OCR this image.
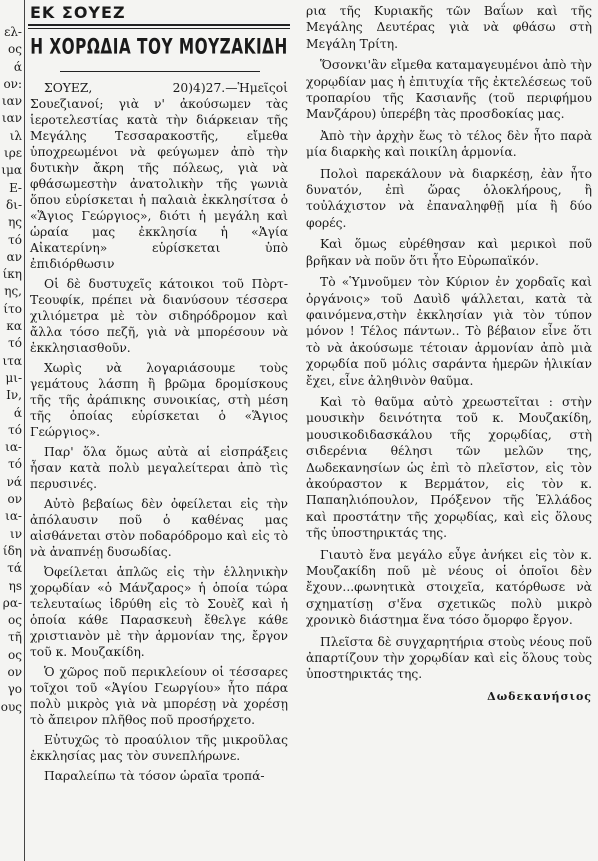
ελ-
ος
ά
ον:
ιαν
ιαν
ιλ
ιρε
ιμα
Ε-
δι-
ης
τό
αν
ίκη
ης,
ίτο
κα
τό
ιτα
μι-
Iν,
ά
τό
ια-
τό
νά
ον
ια-
ιν
ίδη
τά
ηs
ρα-
ος
τῆ
ος
ον
γο
ους
ΕΚ ΣΟΥΕΖ
Η ΧΟΡΩΔΙΑ ΤΟΥ ΜΟΥΖΑΚΙΔΗ

ΣΟΥΕΖ, 20)4)27.—Ἡμεῖςοἱ Σουεζιανοί; γιὰ ν' ἀκούσωμεν τὰς ἱεροτελεστίας κατὰ τὴν διάρκειαν τῆς Μεγάλης Τεσσαρακοστῆς, εἴμεθα ὑποχρεωμένοι νὰ φεύγωμεν ἀπὸ τὴν δυτικὴν ἄκρη τῆς πόλεως, γιὰ νὰ φθάσωμεστὴν ἀνατολικὴν τῆς γωνιὰ ὅπου εὑρίσκεται ἡ παλαιὰ ἐκκλησίτσα ὁ «Ἅγιος Γεώργιος», διότι ἡ μεγάλη καὶ ὡραία μας ἐκκλησία ἡ «Ἁγία Αἰκατερίνη» εὑρίσκεται ὑπὸ ἐπιδιόρθωσιν

Οἱ δὲ δυστυχεῖς κάτοικοι τοῦ Πὸρτ-Τεουφίκ, πρέπει νὰ διανύσουν τέσσερα χιλιόμετρα μὲ τὸν σιδηρόδρομον καὶ ἄλλα τόσο πεζῆ, γιὰ νὰ μπορέσουν νὰ ἐκκλησιασθοῦν.

Χωρὶς νὰ λογαριάσουμε τοὺς γεμάτους λάσπη ἢ βρῶμα δρομίσκους τῆς τῆς ἀράπικης συνοικίας, στὴ μέση τῆς ὁποίας εὑρίσκεται ὁ «Ἅγιος Γεώργιος».

Παρ' ὅλα ὅμως αὐτὰ αἱ εἰσπράξεις ἦσαν κατὰ πολὺ μεγαλείτεραι ἀπὸ τὶς περυσινές.

Αὐτὸ βεβαίως δὲν ὀφείλεται εἰς τὴν ἀπόλαυσιν ποῦ ὁ καθένας μας αἰσθάνεται στὸν ποδαρόδρομο καὶ εἰς τὸ νὰ ἀναπνέῃ δυσωδίας.

Ὀφείλεται ἁπλῶς εἰς τὴν ἑλληνικὴν χορῳδίαν «ὁ Μάνζαρος» ἡ ὁποία τώρα τελευταίως ἱδρύθη εἰς τὸ Σουὲζ καὶ ἡ ὁποία κάθε Παρασκευὴ ἔθελγε κάθε χριστιανὸν μὲ τὴν ἁρμονίαν της, ἔργον τοῦ κ. Μουζακίδη.

Ὁ χῶρος ποῦ περικλείουν οἱ τέσσαρες τοῖχοι τοῦ «Ἁγίου Γεωργίου» ἦτο πάρα πολὺ μικρὸς γιὰ νὰ μπορέσῃ νὰ χορέσῃ τὸ ἄπειρον πλῆθος ποῦ προσήρχετο.

Εὐτυχῶς τὸ προαύλιον τῆς μικροῦλας ἐκκλησίας μας τὸν συνεπλήρωνε.

Παραλείπω τὰ τόσον ὡραῖα τροπά-

ρια τῆς Κυριακῆς τῶν Βαΐων καὶ τῆς Μεγάλης Δευτέρας γιὰ νὰ φθάσω στὴ Μεγάλη Τρίτη.

Ὅσονκι'ἂν εἴμεθα καταμαγευμένοι ἀπὸ τὴν χορῳδίαν μας ἡ ἐπιτυχία τῆς ἐκτελέσεως τοῦ τροπαρίου τῆς Κασιανῆς (τοῦ περιφήμου Μανζάρου) ὑπερέβη τὰς προσδοκίας μας.

Ἀπὸ τὴν ἀρχὴν ἕως τὸ τέλος δὲν ἦτο παρὰ μία διαρκὴς καὶ ποικίλη ἁρμονία.

Πολοὶ παρεκάλουν νὰ διαρκέσῃ, ἐὰν ἦτο δυνατόν, ἐπὶ ὥρας ὁλοκλήρους, ἢ τοὐλάχιστον νὰ ἐπαναληφθῇ μία ἢ δύο φορές.

Καὶ ὅμως εὐρέθησαν καὶ μερικοὶ ποῦ βρῆκαν νὰ ποῦν ὅτι ἦτο Εὐρωπαϊκόν.

Τὸ «Ὑμνοῦμεν τὸν Κύριον ἐν χορδαῖς καὶ ὀργάνοις» τοῦ Δαυὶδ ψάλλεται, κατὰ τὰ φαινόμενα,στὴν ἐκκλησίαν γιὰ τὸν τύπον μόνον ! Τέλος πάντων.. Τὸ βέβαιον εἶνε ὅτι τὸ νὰ ἀκούσωμε τέτοιαν ἁρμονίαν ἀπὸ μιὰ χορῳδία ποῦ μόλις σαράντα ἡμερῶν ἡλικίαν ἔχει, εἶνε ἀληθινὸν θαῦμα.

Καὶ τὸ θαῦμα αὐτὸ χρεωστεῖται : στὴν μουσικὴν δεινότητα τοῦ κ. Μουζακίδη, μουσικοδιδασκάλου τῆς χορῳδίας, στὴ σιδερένια θέλησι τῶν μελῶν της, Δωδεκανησίων ὡς ἐπὶ τὸ πλεῖστον, εἰς τὸν ἀκούραστον κ Βερμάτον, εἰς τὸν κ. Παπαηλιόπουλον, Πρόξενον τῆς Ἑλλάδος καὶ προστάτην τῆς χορῳδίας, καὶ εἰς ὅλους τῆς ὑποστηρικτάς της.

Γιαυτὸ ἕνα μεγάλο εὖγε ἀνήκει εἰς τὸν κ. Μουζακίδη ποῦ μὲ νέους οἱ ὁποῖοι δὲν ἔχουν...φωνητικὰ στοιχεῖα, κατόρθωσε νὰ σχηματίσῃ σ'ἕνα σχετικῶς πολὺ μικρὸ χρονικὸ διάστημα ἕνα τόσο ὄμορφο ἔργον.

Πλεῖστα δὲ συγχαρητήρια στοὺς νέους ποῦ ἀπαρτίζουν τὴν χορῳδίαν καὶ εἰς ὅλους τοὺς ὑποστηρικτάς της.

Δωδεκανήσιος
